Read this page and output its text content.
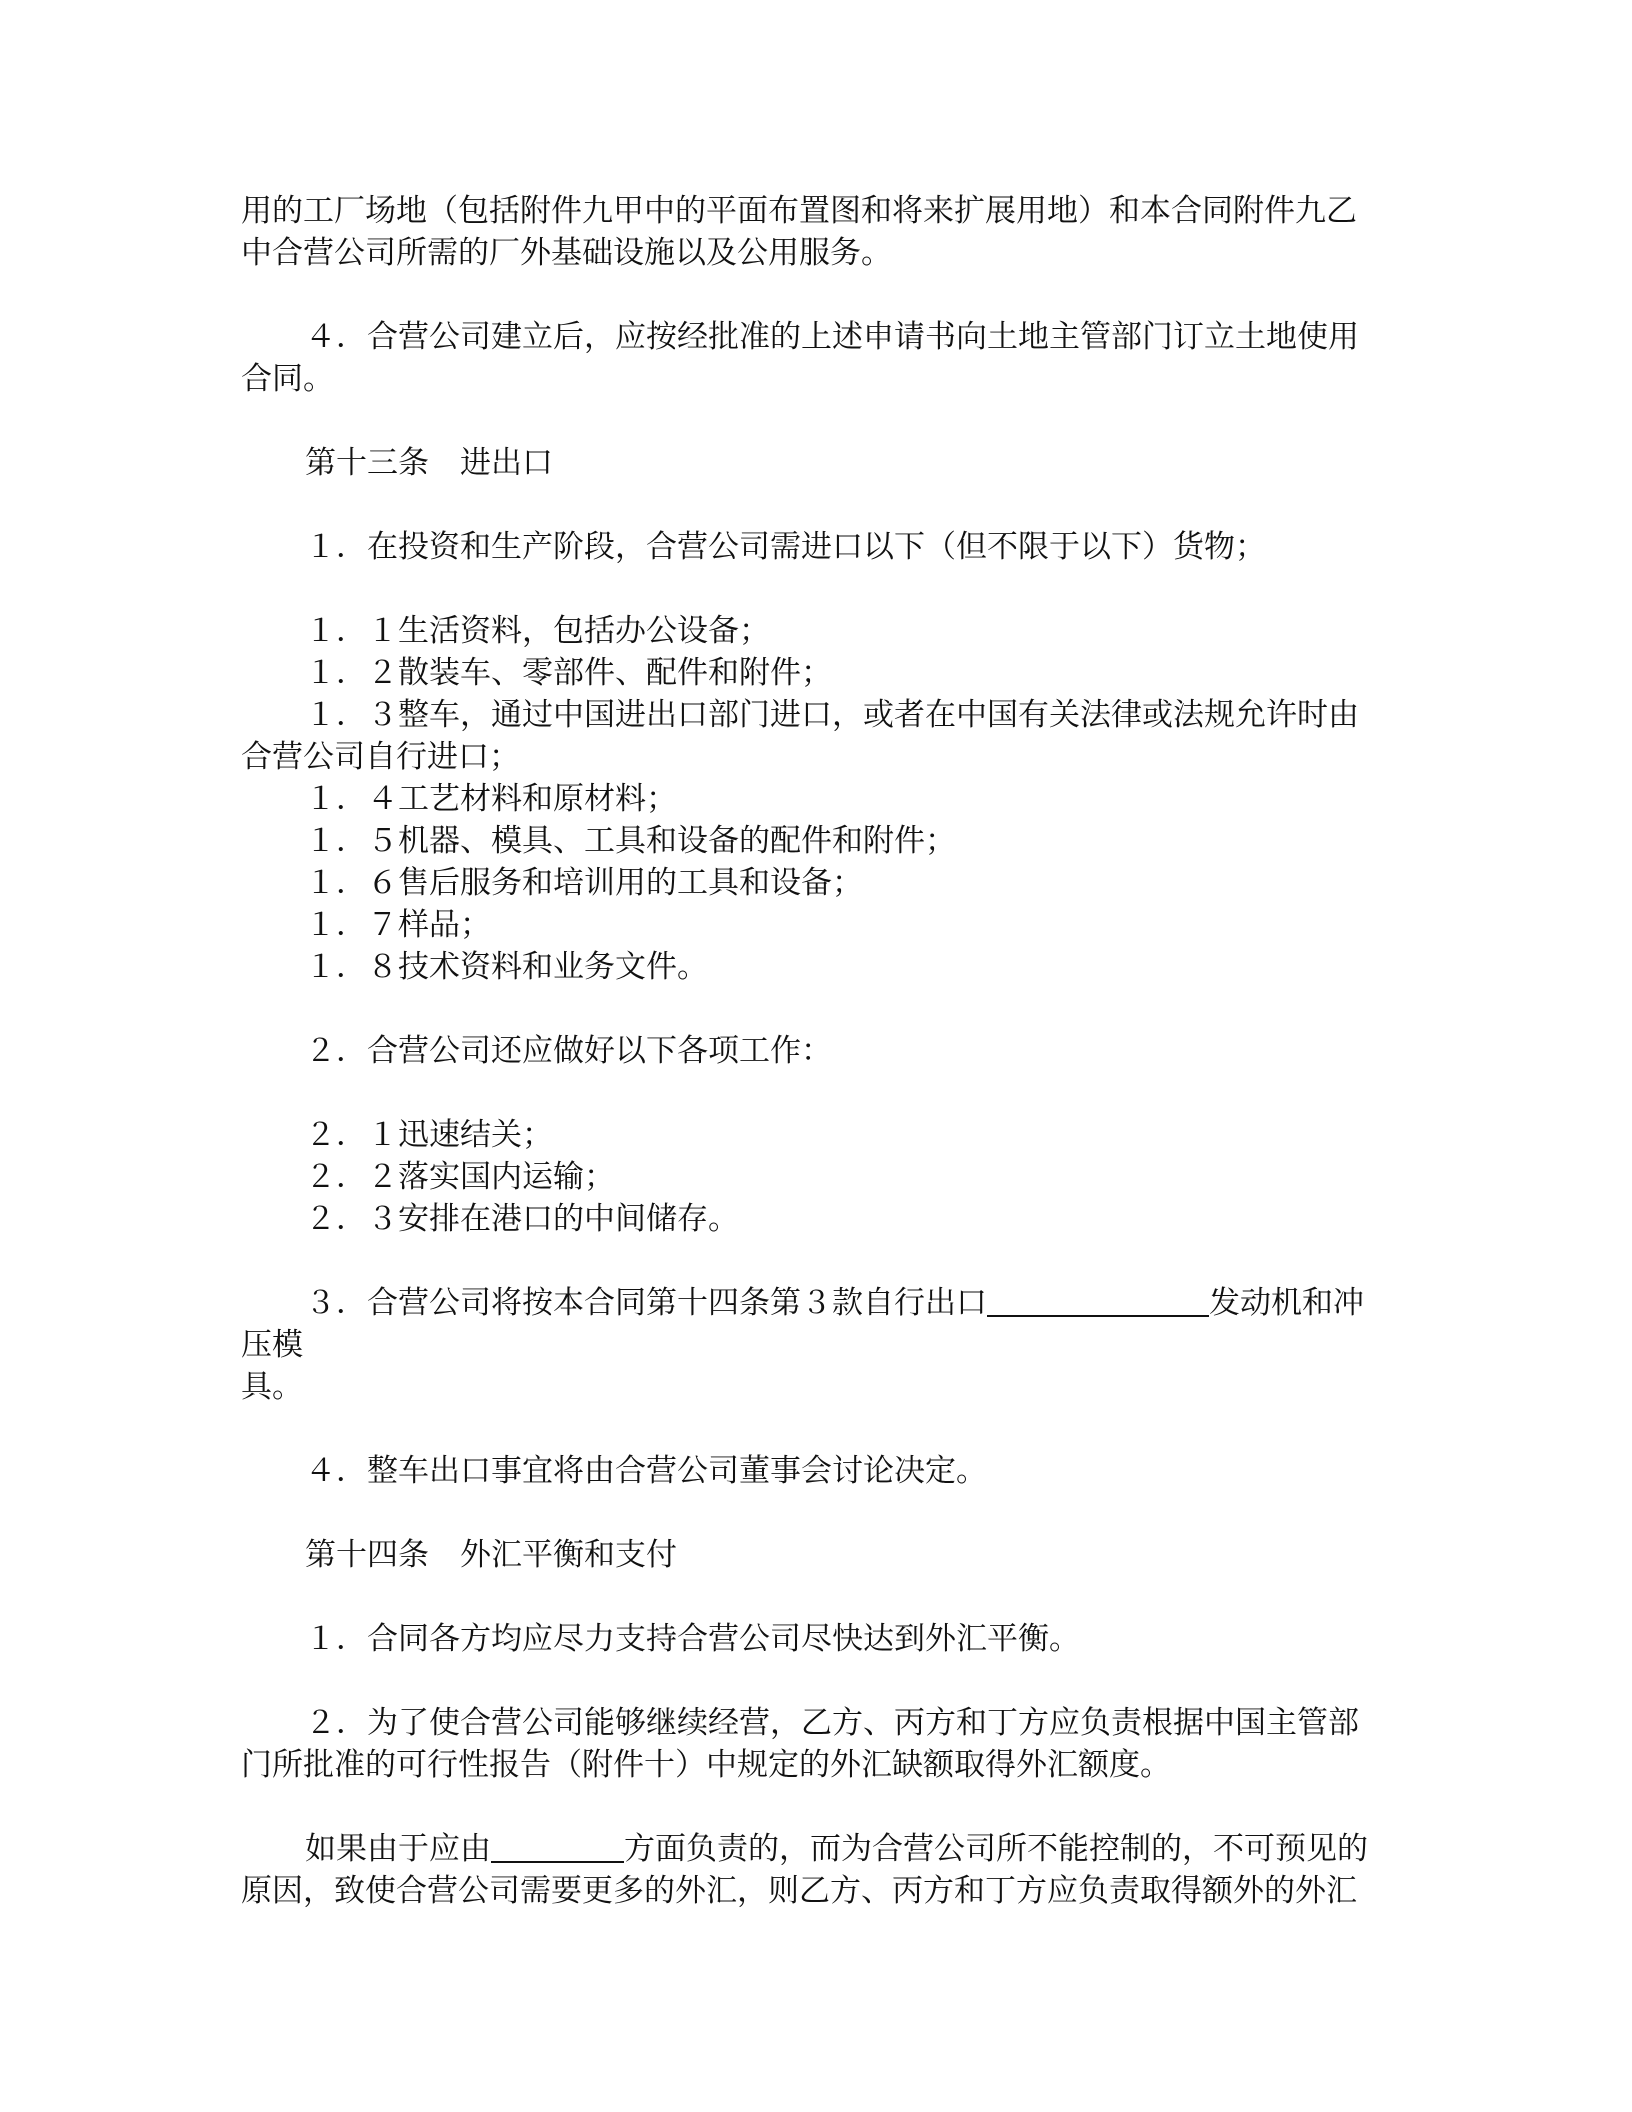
用的工厂场地（包括附件九甲中的平面布置图和将来扩展用地）和本合同附件九乙
中合营公司所需的厂外基础设施以及公用服务。
４．合营公司建立后，应按经批准的上述申请书向土地主管部门订立土地使用
合同。
第十三条　进出口
１．在投资和生产阶段，合营公司需进口以下（但不限于以下）货物；
１．１生活资料，包括办公设备；
１．２散装车、零部件、配件和附件；
１．３整车，通过中国进出口部门进口，或者在中国有关法律或法规允许时由
合营公司自行进口；
１．４工艺材料和原材料；
１．５机器、模具、工具和设备的配件和附件；
１．６售后服务和培训用的工具和设备；
１．７样品；
１．８技术资料和业务文件。
２．合营公司还应做好以下各项工作：
２．１迅速结关；
２．２落实国内运输；
２．３安排在港口的中间储存。
３．合营公司将按本合同第十四条第３款自行出口	发动机和冲
压模
具。
４．整车出口事宜将由合营公司董事会讨论决定。
第十四条　外汇平衡和支付
１．合同各方均应尽力支持合营公司尽快达到外汇平衡。
２．为了使合营公司能够继续经营，乙方、丙方和丁方应负责根据中国主管部
门所批准的可行性报告（附件十）中规定的外汇缺额取得外汇额度。
如果由于应由	方面负责的，而为合营公司所不能控制的，不可预见的
原因，致使合营公司需要更多的外汇，则乙方、丙方和丁方应负责取得额外的外汇
